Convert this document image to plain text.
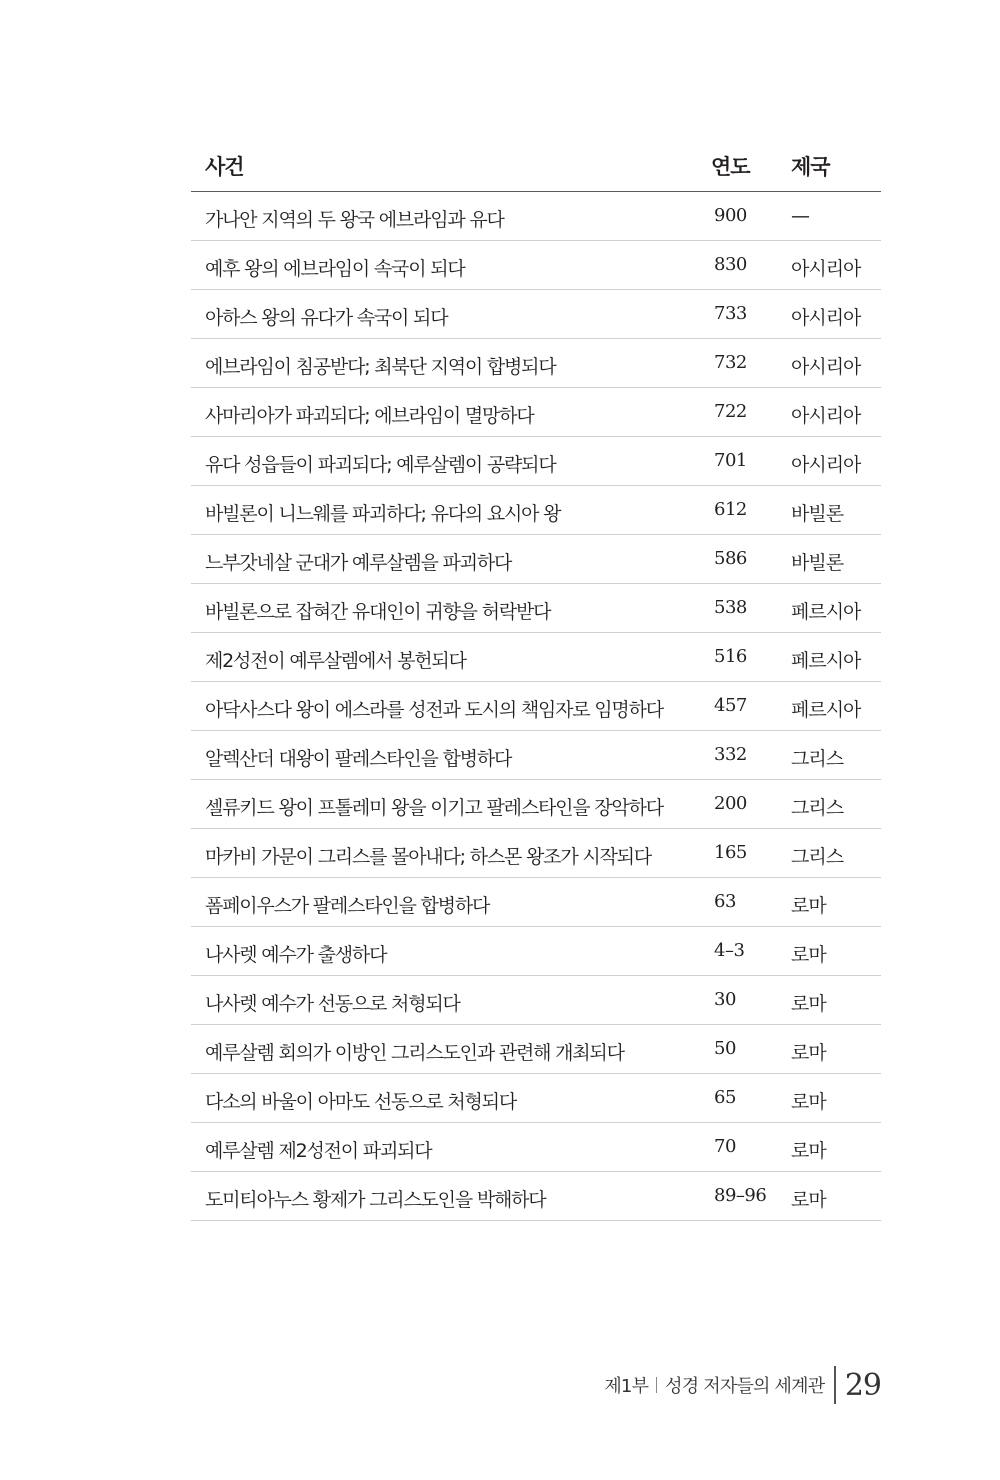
사건	연도 제국
가나안 지역의 두 왕국 에브라임과 유다	900 —
예후 왕의 에브라임이 속국이 되다	830 아시리아
아하스 왕의 유다가 속국이 되다	733 아시리아
에브라임이 침공받다; 최북단 지역이 합병되다	732 아시리아
사마리아가 파괴되다; 에브라임이 멸망하다	722 아시리아
유다 성읍들이 파괴되다; 예루살렘이 공략되다	701 아시리아
바빌론이 니느웨를 파괴하다; 유다의 요시아 왕	612 바빌론
느부갓네살 군대가 예루살렘을 파괴하다	586 바빌론
바빌론으로 잡혀간 유대인이 귀향을 허락받다	538 페르시아
제2성전이 예루살렘에서 봉헌되다	516 페르시아
아닥사스다 왕이 에스라를 성전과 도시의 책임자로 임명하다	457 페르시아
알렉산더 대왕이 팔레스타인을 합병하다	332 그리스
셀류키드 왕이 프톨레미 왕을 이기고 팔레스타인을 장악하다	200 그리스
마카비 가문이 그리스를 몰아내다; 하스몬 왕조가 시작되다	165 그리스
폼페이우스가 팔레스타인을 합병하다	63	로마
나사렛 예수가 출생하다	4–3 로마
나사렛 예수가 선동으로 처형되다	30	로마
예루살렘 회의가 이방인 그리스도인과 관련해 개최되다	50	로마
다소의 바울이 아마도 선동으로 처형되다	65	로마
예루살렘 제2성전이 파괴되다	70	로마
도미티아누스 황제가 그리스도인을 박해하다	89–96 로마
제1부 성경 저자들의 세계관 29
